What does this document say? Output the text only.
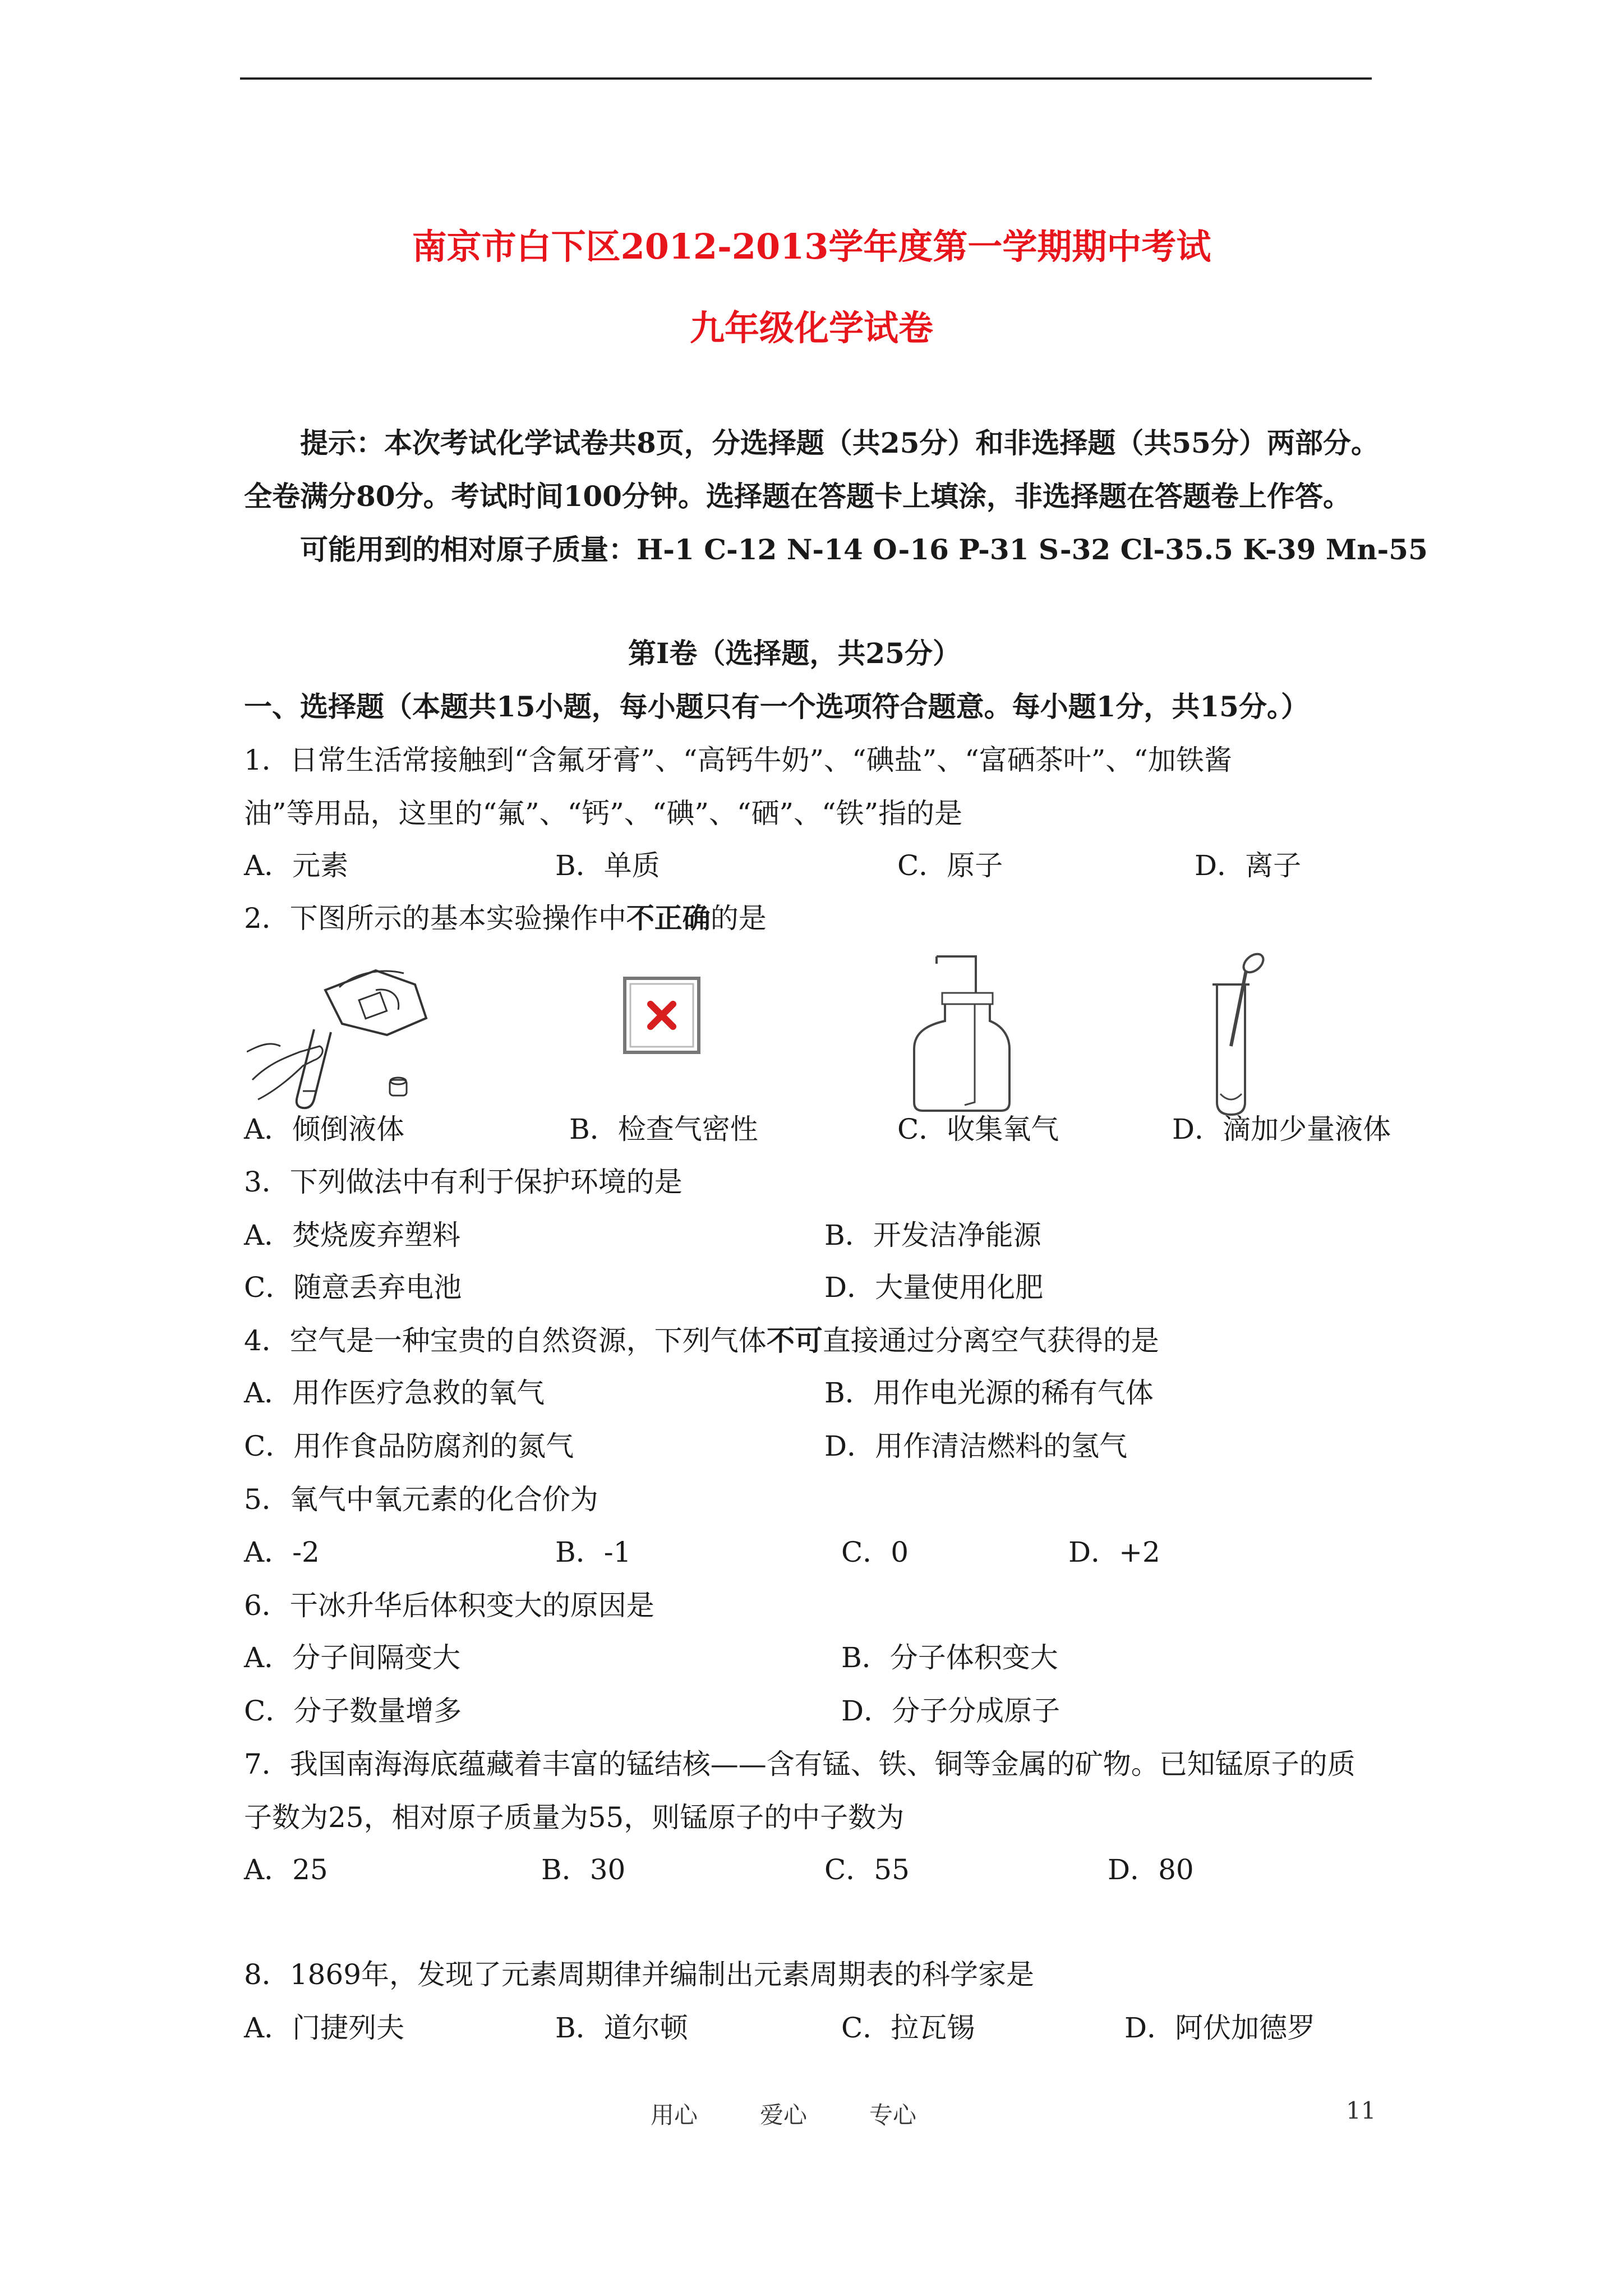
南京市白下区2012-2013学年度第一学期期中考试
九年级化学试卷
提示：本次考试化学试卷共8页，分选择题（共25分）和非选择题（共55分）两部分。
全卷满分80分。考试时间100分钟。选择题在答题卡上填涂，非选择题在答题卷上作答。
可能用到的相对原子质量：H-1 C-12 N-14 O-16 P-31 S-32 Cl-35.5 K-39 Mn-55
第Ⅰ卷（选择题，共25分）
一、选择题（本题共15小题，每小题只有一个选项符合题意。每小题1分，共15分。）
1．日常生活常接触到“含氟牙膏”、“高钙牛奶”、“碘盐”、“富硒茶叶”、“加铁酱
油”等用品，这里的“氟”、“钙”、“碘”、“硒”、“铁”指的是
A．元素	B．单质	C．原子	D．离子
2．下图所示的基本实验操作中不正确的是
A．倾倒液体	B．检查气密性	C．收集氧气	D．滴加少量液体
3．下列做法中有利于保护环境的是
A．焚烧废弃塑料	B．开发洁净能源
C．随意丢弃电池	D．大量使用化肥
4．空气是一种宝贵的自然资源，下列气体不可直接通过分离空气获得的是
A．用作医疗急救的氧气	B．用作电光源的稀有气体
C．用作食品防腐剂的氮气	D．用作清洁燃料的氢气
5．氧气中氧元素的化合价为
A．-2	B．-1	C．0	D．+2
6．干冰升华后体积变大的原因是
A．分子间隔变大	B．分子体积变大
C．分子数量增多	D．分子分成原子
7．我国南海海底蕴藏着丰富的锰结核——含有锰、铁、铜等金属的矿物。已知锰原子的质
子数为25，相对原子质量为55，则锰原子的中子数为
A．25	B．30	C．55	D．80
8．1869年，发现了元素周期律并编制出元素周期表的科学家是
A．门捷列夫	B．道尔顿	C．拉瓦锡	D．阿伏加德罗
用心	爱心	专心	11
